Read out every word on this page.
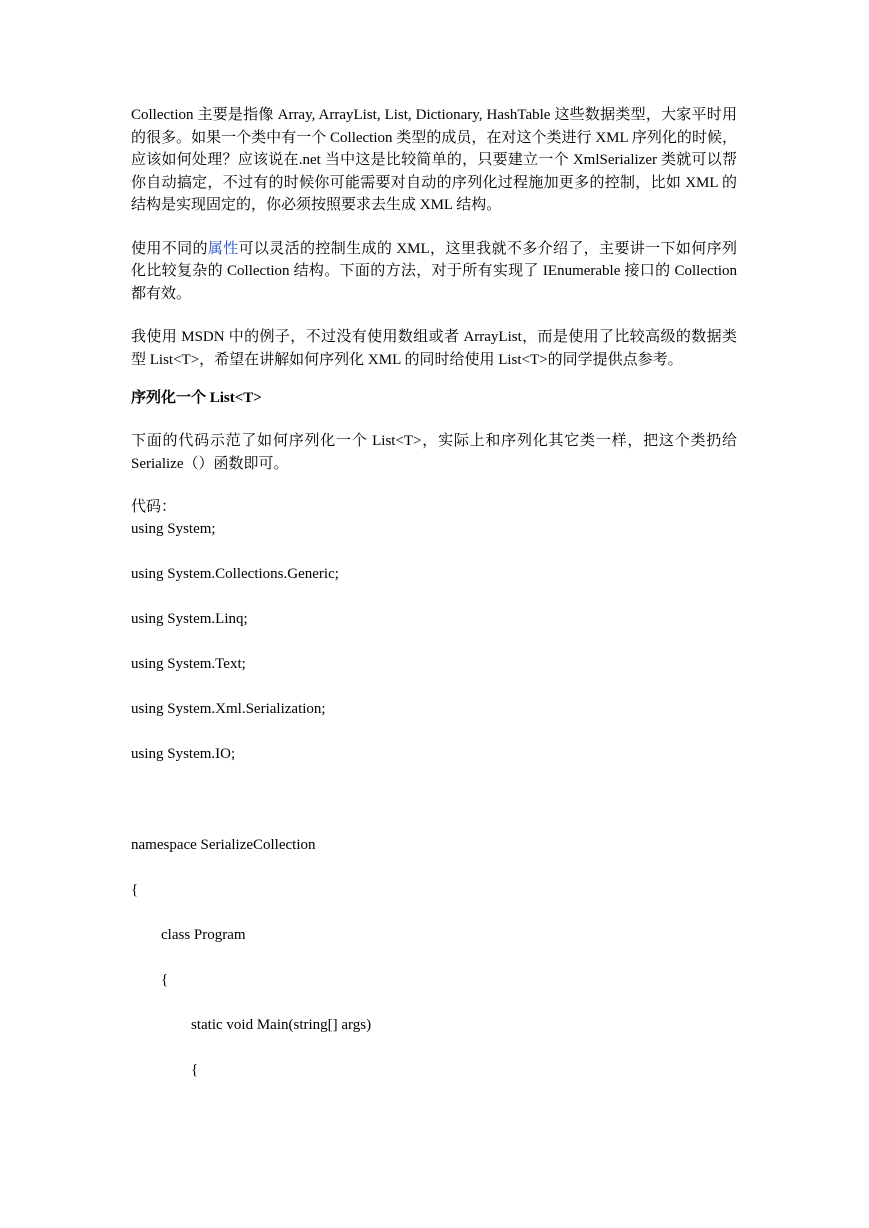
Collection 主要是指像 Array, ArrayList, List, Dictionary, HashTable 这些数据类型，大家平时用的很多。如果一个类中有一个 Collection 类型的成员，在对这个类进行 XML 序列化的时候，应该如何处理？应该说在.net 当中这是比较简单的，只要建立一个 XmlSerializer 类就可以帮你自动搞定，不过有的时候你可能需要对自动的序列化过程施加更多的控制，比如 XML 的结构是实现固定的，你必须按照要求去生成 XML 结构。

使用不同的属性可以灵活的控制生成的 XML，这里我就不多介绍了，主要讲一下如何序列化比较复杂的 Collection 结构。下面的方法，对于所有实现了 IEnumerable 接口的 Collection 都有效。

我使用 MSDN 中的例子，不过没有使用数组或者 ArrayList，而是使用了比较高级的数据类型 List<T>，希望在讲解如何序列化 XML 的同时给使用 List<T>的同学提供点参考。

序列化一个 List<T>

下面的代码示范了如何序列化一个 List<T>，实际上和序列化其它类一样，把这个类扔给 Serialize（）函数即可。

代码：
using System;
using System.Collections.Generic;
using System.Linq;
using System.Text;
using System.Xml.Serialization;
using System.IO;
namespace SerializeCollection
{
class Program
{
static void Main(string[] args)
{
